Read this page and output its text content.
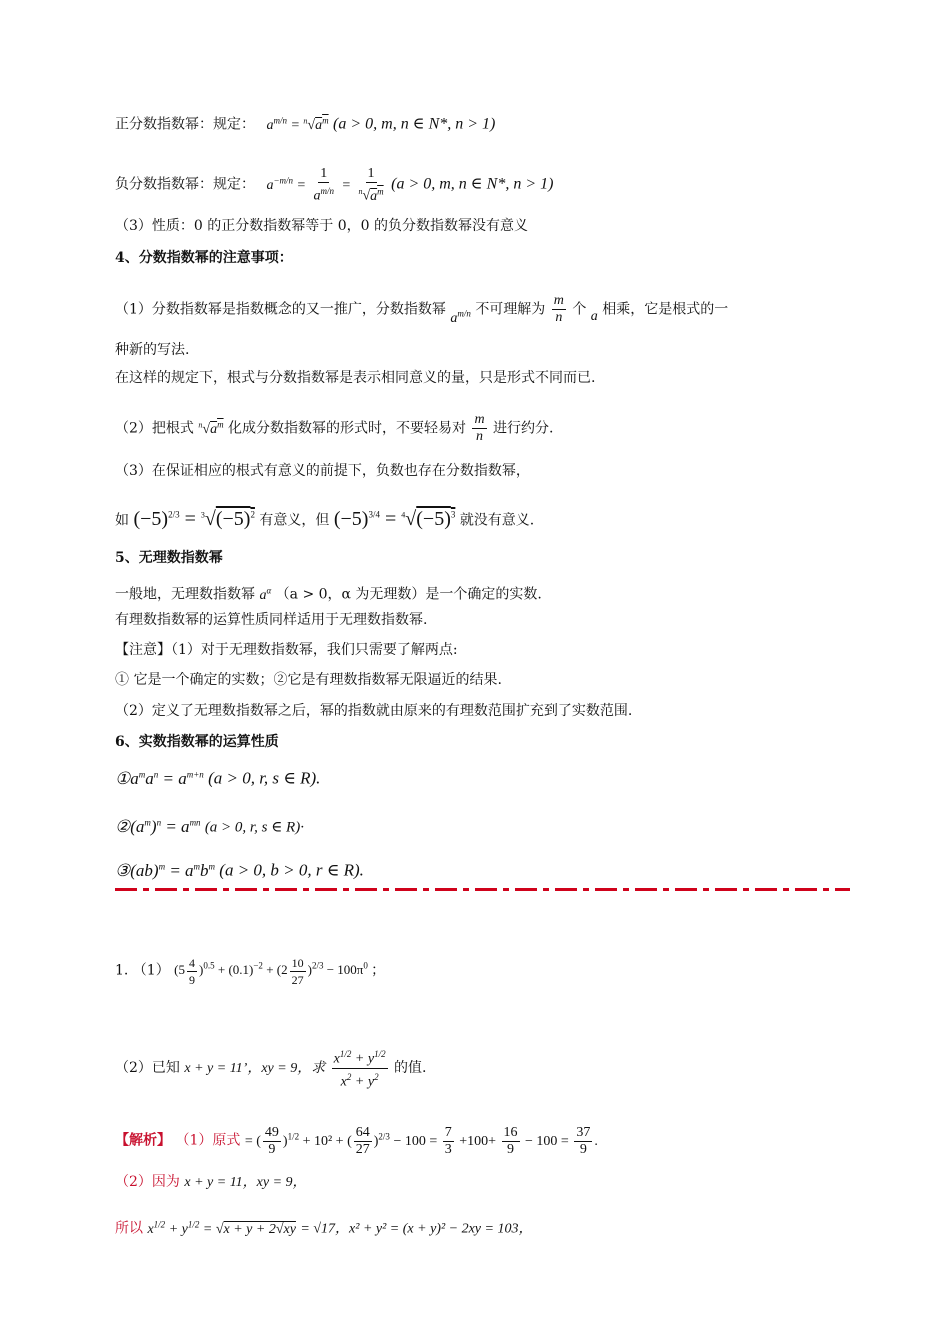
正分数指数幂：规定：   $a^{m/n} = ^n√a^m$ (a > 0, m, n ∈ N*, n > 1)
负分数指数幂：规定：   $a^{-m/n} = \frac{1}{a^{m/n}} = \frac{1}{^n√a^m} (a > 0$, m, n ∈ N*, n > 1)
（3）性质：0 的正分数指数幂等于 0，0 的负分数指数幂没有意义
4、分数指数幂的注意事项：
（1）分数指数幂是指数概念的又一推广，分数指数幂 $a^{m/n}$ 不可理解为 $\frac{m}{n}$ 个 a 相乘，它是根式的一
种新的写法.
在这样的规定下，根式与分数指数幂是表示相同意义的量，只是形式不同而已.
（2）把根式 $^n√a^m$ 化成分数指数幂的形式时，不要轻易对 $\frac{m}{n}$ 进行约分.
（3）在保证相应的根式有意义的前提下，负数也存在分数指数幂，
如 $(-5)^{2/3} = ^3√(-5)^2$ 有意义，但 $(-5)^{3/4} = ^4√(-5)^3$ 就没有意义.
5、无理数指数幂
一般地，无理数指数幂 $a^\alpha$ （a > 0，α 为无理数）是一个确定的实数.
有理数指数幂的运算性质同样适用于无理数指数幂.
【注意】（1）对于无理数指数幂，我们只需要了解两点:
① 它是一个确定的实数；②它是有理数指数幂无限逼近的结果.
（2）定义了无理数指数幂之后，幂的指数就由原来的有理数范围扩充到了实数范围.
6、实数指数幂的运算性质
$①a^ma^n = a^{m+n}$ (a > 0, r, s ∈ R).
$②(a^m)^n = a^{mn}$ (a > 0, r, s ∈ R)·
③(ab)$^m$ = $a^mb^m$ (a > 0, b > 0, r ∈ R).
1. （1） $(5 \frac{4}{9} )^{0.5} + (0.1)^{-2} + (2 \frac{10}{27} )^{2/3} - 100\pi^0$ ；
（2）已知 x + y = 11’，xy = 9，求 $\frac{x^{1/2} + y^{1/2}}{x^2 + y^2}$ 的值.
【解析】 （1）原式 = ( $\frac{49}{9} )^{1/2} + 10^2$ + ( $\frac{64}{27} )^{2/3} - 100 = \frac{7}{3} +100+ \frac{16}{9} - 100 = \frac{37}{9}$ .
（2）因为 x + y = 11，xy = 9，
所以 $x^{1/2} + y^{1/2} = √x + y + 2√xy = √17$，x² + y² = (x + y)² − 2xy = 103，
